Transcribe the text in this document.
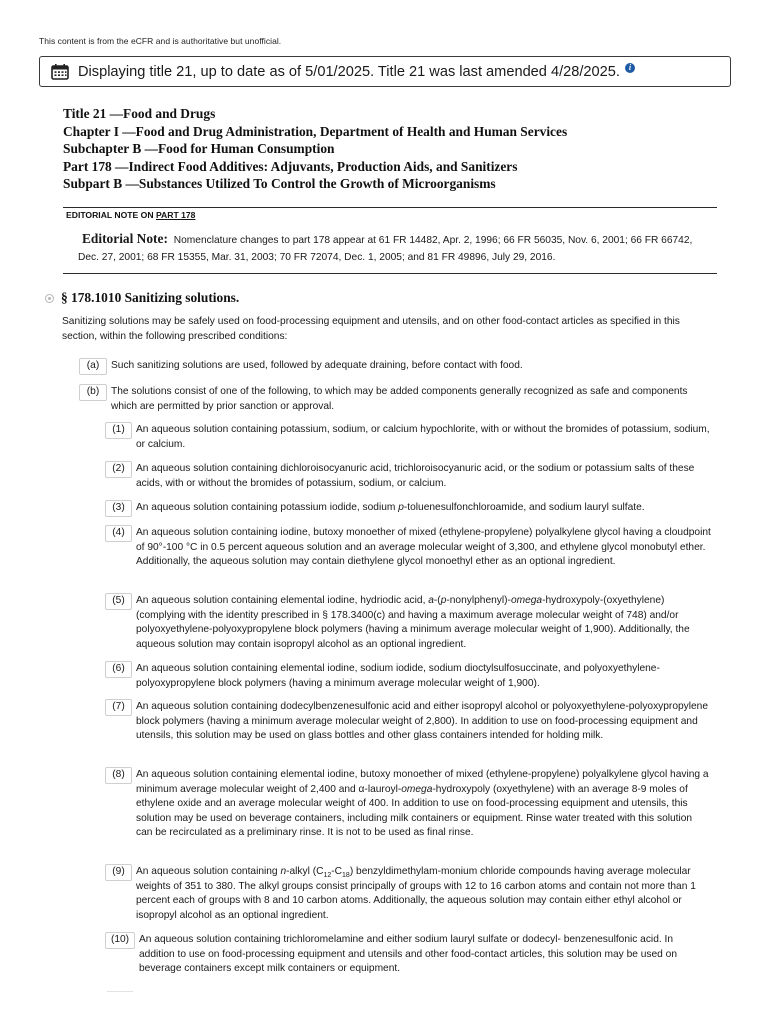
This content is from the eCFR and is authoritative but unofficial.
Displaying title 21, up to date as of 5/01/2025. Title 21 was last amended 4/28/2025.	i
Title 21 —Food and Drugs
Chapter I —Food and Drug Administration, Department of Health and Human Services
Subchapter B —Food for Human Consumption
Part 178 —Indirect Food Additives: Adjuvants, Production Aids, and Sanitizers
Subpart B —Substances Utilized To Control the Growth of Microorganisms
EDITORIAL NOTE ON PART 178
Editorial Note: Nomenclature changes to part 178 appear at 61 FR 14482, Apr. 2, 1996; 66 FR 56035, Nov. 6, 2001; 66 FR 66742, Dec. 27, 2001; 68 FR 15355, Mar. 31, 2003; 70 FR 72074, Dec. 1, 2005; and 81 FR 49896, July 29, 2016.
§ 178.1010 Sanitizing solutions.
Sanitizing solutions may be safely used on food-processing equipment and utensils, and on other food-contact articles as specified in this section, within the following prescribed conditions:
(a)	Such sanitizing solutions are used, followed by adequate draining, before contact with food.
(b)	The solutions consist of one of the following, to which may be added components generally recognized as safe and components which are permitted by prior sanction or approval.
(1)	An aqueous solution containing potassium, sodium, or calcium hypochlorite, with or without the bromides of potassium, sodium, or calcium.
(2)	An aqueous solution containing dichloroisocyanuric acid, trichloroisocyanuric acid, or the sodium or potassium salts of these acids, with or without the bromides of potassium, sodium, or calcium.
(3)	An aqueous solution containing potassium iodide, sodium p-toluenesulfonchloroamide, and sodium lauryl sulfate.
(4)	An aqueous solution containing iodine, butoxy monoether of mixed (ethylene-propylene) polyalkylene glycol having a cloudpoint of 90°-100 °C in 0.5 percent aqueous solution and an average molecular weight of 3,300, and ethylene glycol monobutyl ether. Additionally, the aqueous solution may contain diethylene glycol monoethyl ether as an optional ingredient.
(5)	An aqueous solution containing elemental iodine, hydriodic acid, a-(p-nonylphenyl)-omega-hydroxypoly-(oxyethylene) (complying with the identity prescribed in § 178.3400(c) and having a maximum average molecular weight of 748) and/or polyoxyethylene-polyoxypropylene block polymers (having a minimum average molecular weight of 1,900). Additionally, the aqueous solution may contain isopropyl alcohol as an optional ingredient.
(6)	An aqueous solution containing elemental iodine, sodium iodide, sodium dioctylsulfosuccinate, and polyoxyethylene-polyoxypropylene block polymers (having a minimum average molecular weight of 1,900).
(7)	An aqueous solution containing dodecylbenzenesulfonic acid and either isopropyl alcohol or polyoxyethylene-polyoxypropylene block polymers (having a minimum average molecular weight of 2,800). In addition to use on food-processing equipment and utensils, this solution may be used on glass bottles and other glass containers intended for holding milk.
(8)	An aqueous solution containing elemental iodine, butoxy monoether of mixed (ethylene-propylene) polyalkylene glycol having a minimum average molecular weight of 2,400 and α-lauroyl-omega-hydroxypoly (oxyethylene) with an average 8-9 moles of ethylene oxide and an average molecular weight of 400. In addition to use on food-processing equipment and utensils, this solution may be used on beverage containers, including milk containers or equipment. Rinse water treated with this solution can be recirculated as a preliminary rinse. It is not to be used as final rinse.
(9)	An aqueous solution containing n-alkyl $(C_{12}-C_{18})$ benzyldimethylam-monium chloride compounds having average molecular weights of 351 to 380. The alkyl groups consist principally of groups with 12 to 16 carbon atoms and contain not more than 1 percent each of groups with 8 and 10 carbon atoms. Additionally, the aqueous solution may contain either ethyl alcohol or isopropyl alcohol as an optional ingredient.
(10) An aqueous solution containing trichloromelamine and either sodium lauryl sulfate or dodecyl- benzenesulfonic acid. In addition to use on food-processing equipment and utensils and other food-contact articles, this solution may be used on beverage containers except milk containers or equipment.
